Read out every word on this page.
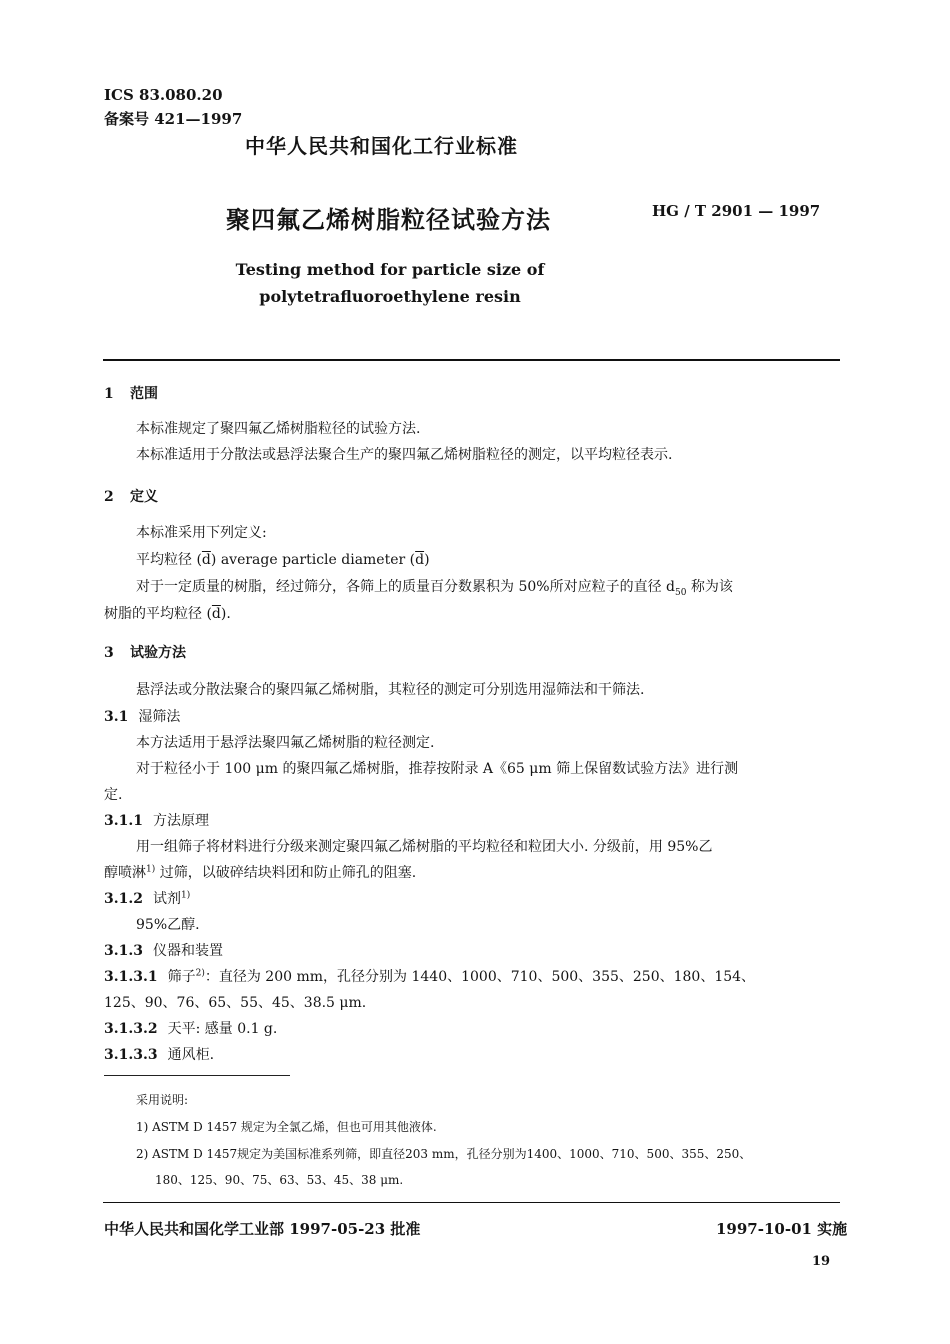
ICS 83.080.20
备案号 421—1997
中华人民共和国化工行业标准
聚四氟乙烯树脂粒径试验方法	HG / T 2901 — 1997
Testing method for particle size of
polytetrafluoroethylene resin
1 范围
本标准规定了聚四氟乙烯树脂粒径的试验方法.
本标准适用于分散法或悬浮法聚合生产的聚四氟乙烯树脂粒径的测定，以平均粒径表示.
2 定义
本标准采用下列定义:
平均粒径 $(\overline{d})$ average particle diameter $(\overline{d})$
对于一定质量的树脂，经过筛分，各筛上的质量百分数累积为 50%所对应粒子的直径 $d_{50}$ 称为该
树脂的平均粒径 $(\overline{d})$.
3 试验方法
悬浮法或分散法聚合的聚四氟乙烯树脂，其粒径的测定可分别选用湿筛法和干筛法.
3.1 湿筛法
本方法适用于悬浮法聚四氟乙烯树脂的粒径测定.
对于粒径小于 100 μm 的聚四氟乙烯树脂，推荐按附录 A《65 μm 筛上保留数试验方法》进行测
定.
3.1.1 方法原理
用一组筛子将材料进行分级来测定聚四氟乙烯树脂的平均粒径和粒团大小. 分级前，用 95%乙
醇喷淋$^{1)}$ 过筛，以破碎结块料团和防止筛孔的阻塞.
3.1.2 试剂$^{1)}$
95%乙醇.
3.1.3 仪器和装置
3.1.3.1 筛子$^{2)}$：直径为 200 mm，孔径分别为 1440、1000、710、500、355、250、180、154、
125、90、76、65、55、45、38.5 μm.
3.1.3.2 天平: 感量 0.1 g.
3.1.3.3 通风柜.
采用说明:
1) ASTM D 1457 规定为全氯乙烯，但也可用其他液体.
2) ASTM D 1457规定为美国标准系列筛，即直径203 mm，孔径分别为1400、1000、710、500、355、250、
180、125、90、75、63、53、45、38 μm.
中华人民共和国化学工业部 1997-05-23 批准	1997-10-01 实施
19
